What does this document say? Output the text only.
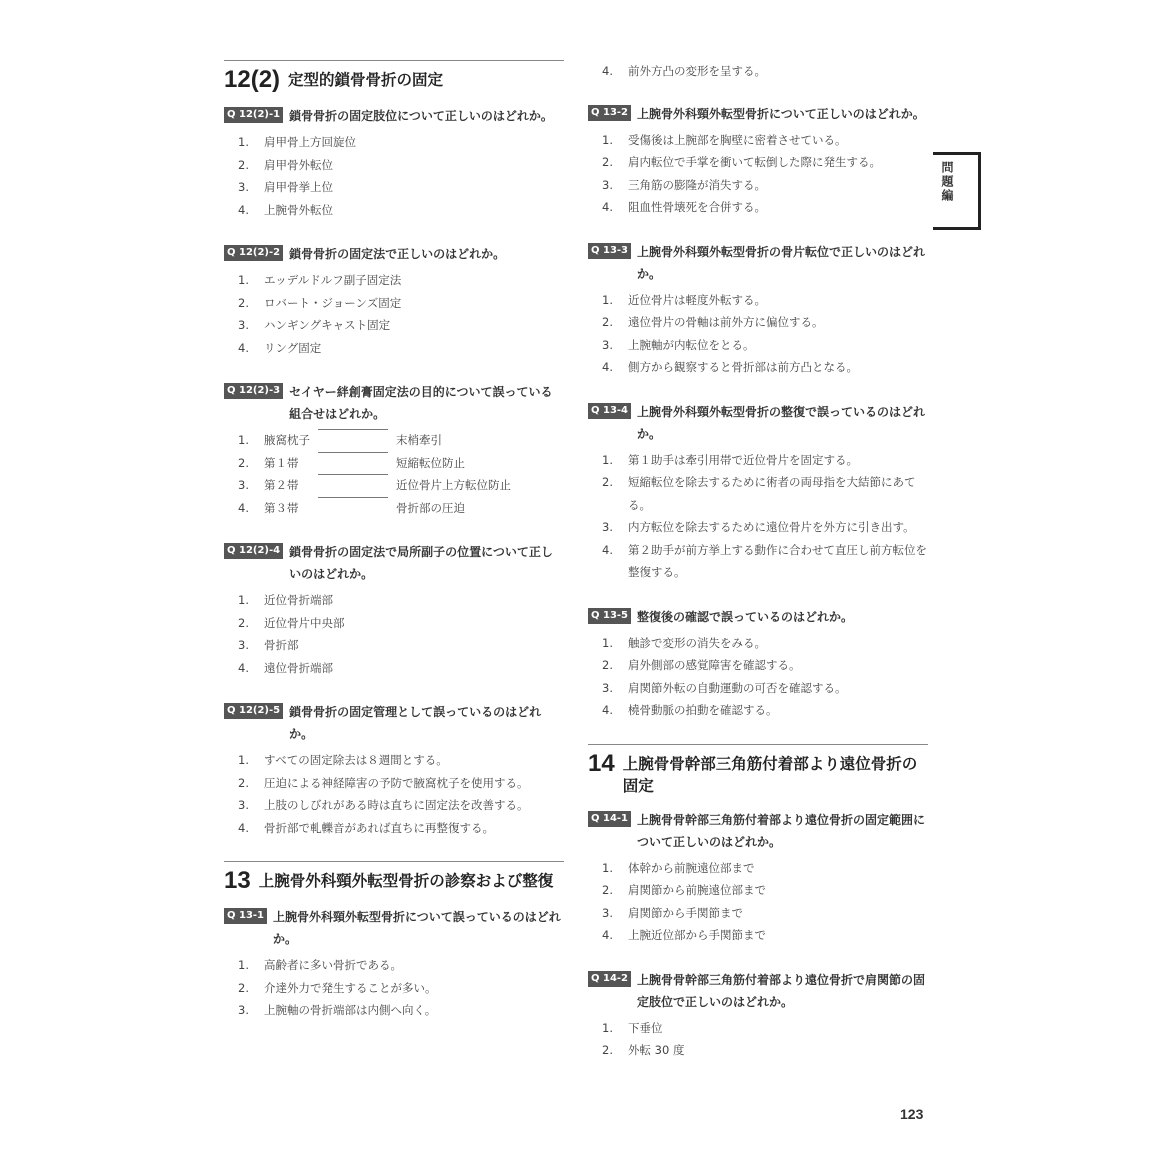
12(2) 定型的鎖骨骨折の固定
Q 12(2)-1 鎖骨骨折の固定肢位について正しいのはどれか。
1.	肩甲骨上方回旋位
2.	肩甲骨外転位
3.	肩甲骨挙上位
4.	上腕骨外転位
Q 12(2)-2 鎖骨骨折の固定法で正しいのはどれか。
1.	エッデルドルフ副子固定法
2.	ロバート・ジョーンズ固定
3.	ハンギングキャスト固定
4.	リング固定
Q 12(2)-3 セイヤー絆創膏固定法の目的について誤っている組合せはどれか。
1.	腋窩枕子	末梢牽引
2.	第１帯	短縮転位防止
3.	第２帯	近位骨片上方転位防止
4.	第３帯	骨折部の圧迫
Q 12(2)-4 鎖骨骨折の固定法で局所副子の位置について正しいのはどれか。
1.	近位骨折端部
2.	近位骨片中央部
3.	骨折部
4.	遠位骨折端部
Q 12(2)-5 鎖骨骨折の固定管理として誤っているのはどれか。
1.	すべての固定除去は８週間とする。
2.	圧迫による神経障害の予防で腋窩枕子を使用する。
3.	上肢のしびれがある時は直ちに固定法を改善する。
4.	骨折部で軋轢音があれば直ちに再整復する。
13 上腕骨外科頸外転型骨折の診察および整復
Q 13-1 上腕骨外科頸外転型骨折について誤っているのはどれか。
1.	高齢者に多い骨折である。
2.	介達外力で発生することが多い。
3.	上腕軸の骨折端部は内側へ向く。
4.	前外方凸の変形を呈する。
Q 13-2 上腕骨外科頸外転型骨折について正しいのはどれか。
1.	受傷後は上腕部を胸壁に密着させている。
2.	肩内転位で手掌を衝いて転倒した際に発生する。
3.	三角筋の膨隆が消失する。
4.	阻血性骨壊死を合併する。
Q 13-3 上腕骨外科頸外転型骨折の骨片転位で正しいのはどれか。
1.	近位骨片は軽度外転する。
2.	遠位骨片の骨軸は前外方に偏位する。
3.	上腕軸が内転位をとる。
4.	側方から観察すると骨折部は前方凸となる。
Q 13-4 上腕骨外科頸外転型骨折の整復で誤っているのはどれか。
1.	第１助手は牽引用帯で近位骨片を固定する。
2.	短縮転位を除去するために術者の両母指を大結節にあてる。
3.	内方転位を除去するために遠位骨片を外方に引き出す。
4.	第２助手が前方挙上する動作に合わせて直圧し前方転位を整復する。
Q 13-5 整復後の確認で誤っているのはどれか。
1.	触診で変形の消失をみる。
2.	肩外側部の感覚障害を確認する。
3.	肩関節外転の自動運動の可否を確認する。
4.	橈骨動脈の拍動を確認する。
14 上腕骨骨幹部三角筋付着部より遠位骨折の固定
Q 14-1 上腕骨骨幹部三角筋付着部より遠位骨折の固定範囲について正しいのはどれか。
1.	体幹から前腕遠位部まで
2.	肩関節から前腕遠位部まで
3.	肩関節から手関節まで
4.	上腕近位部から手関節まで
Q 14-2 上腕骨骨幹部三角筋付着部より遠位骨折で肩関節の固定肢位で正しいのはどれか。
1.	下垂位
2.	外転 30 度
問題編
123
